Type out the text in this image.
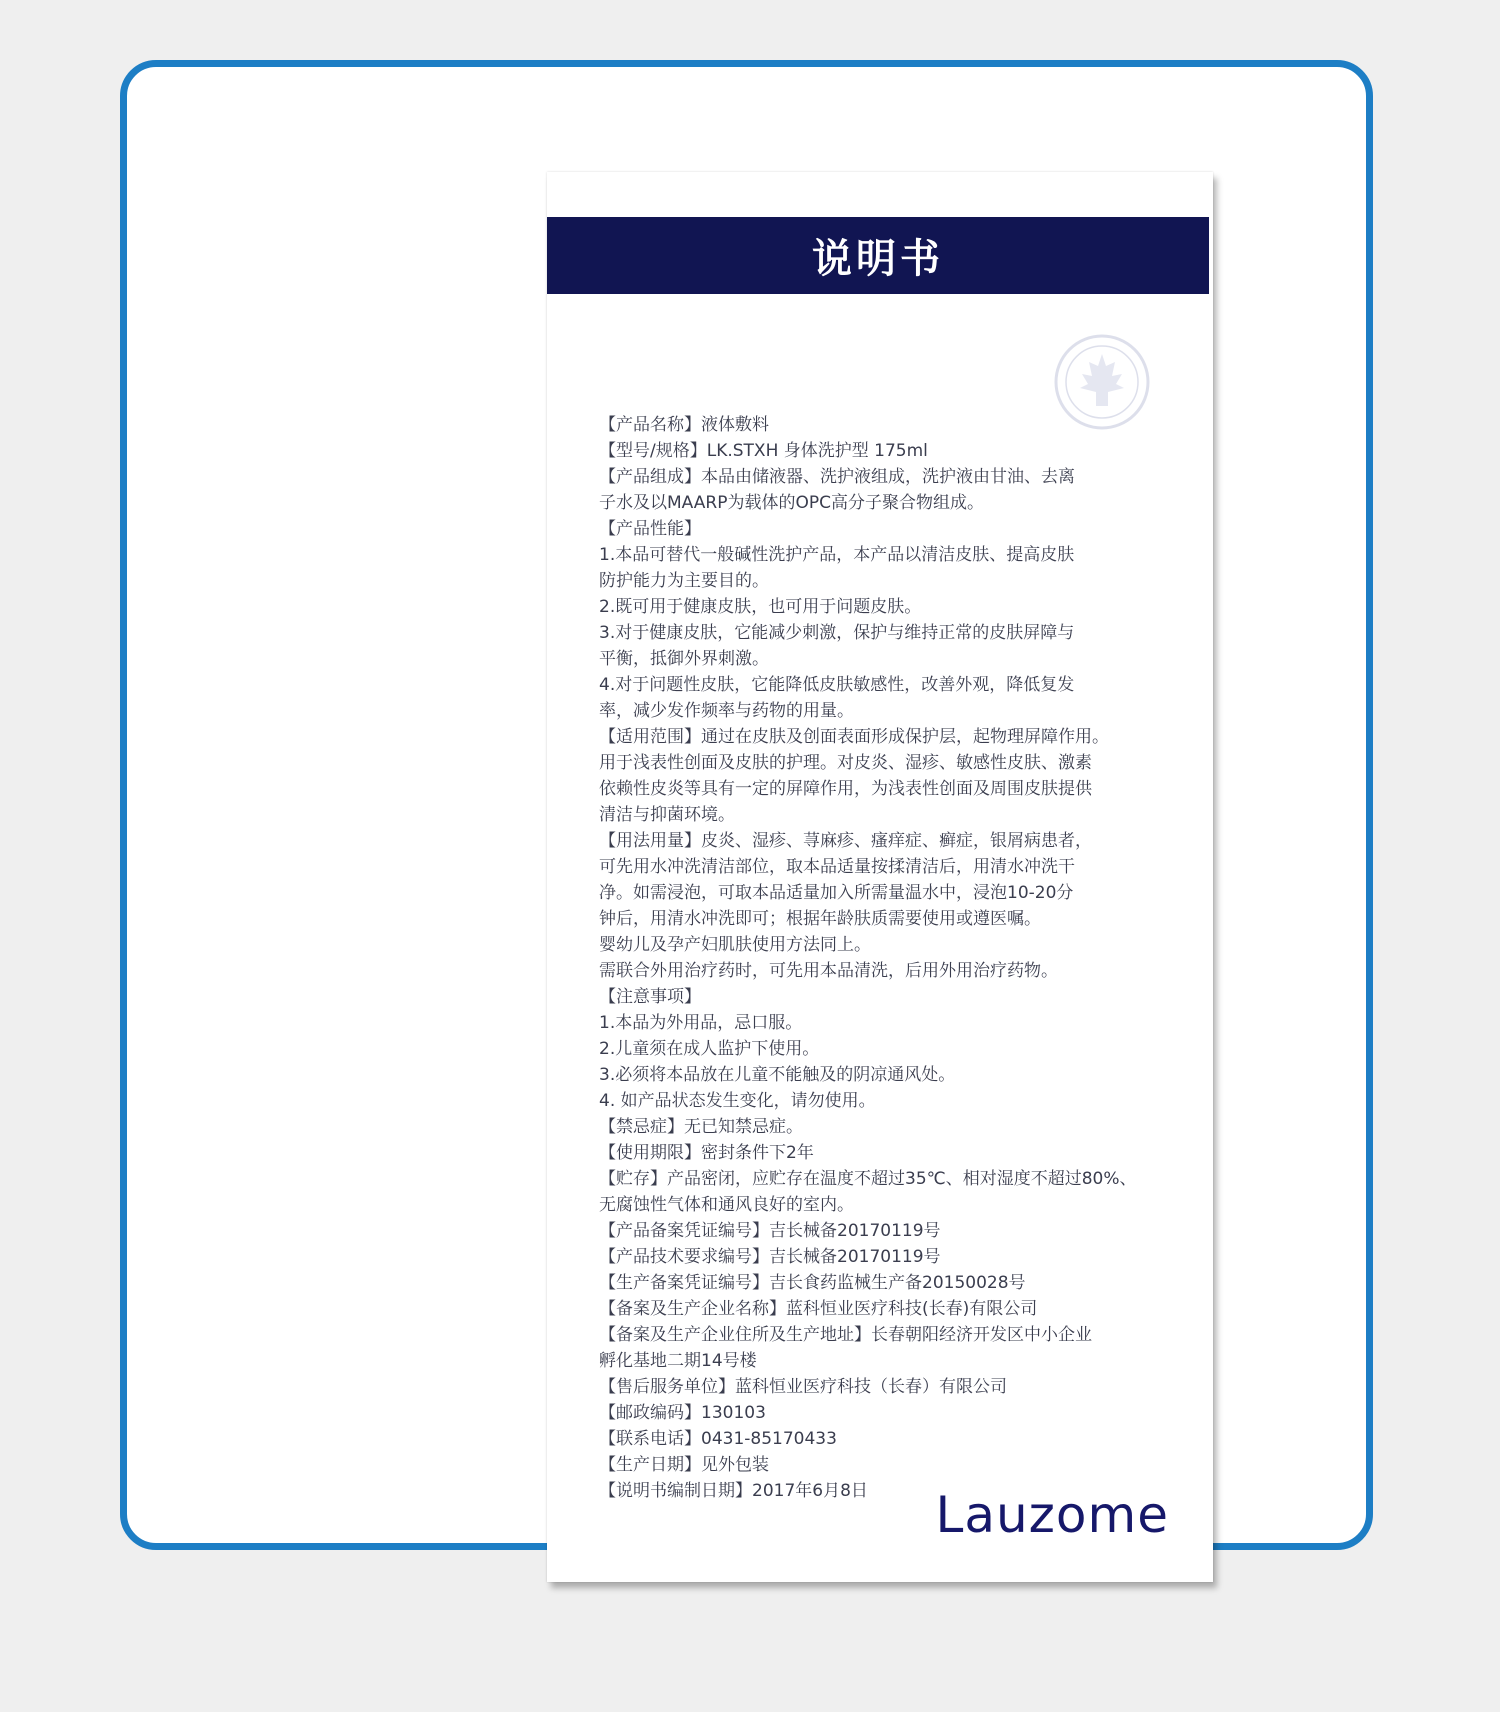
说明书
【产品名称】液体敷料
【型号/规格】LK.STXH 身体洗护型 175ml
【产品组成】本品由储液器、洗护液组成，洗护液由甘油、去离
子水及以MAARP为载体的OPC高分子聚合物组成。
【产品性能】
1.本品可替代一般碱性洗护产品，本产品以清洁皮肤、提高皮肤
防护能力为主要目的。
2.既可用于健康皮肤，也可用于问题皮肤。
3.对于健康皮肤，它能减少刺激，保护与维持正常的皮肤屏障与
平衡，抵御外界刺激。
4.对于问题性皮肤，它能降低皮肤敏感性，改善外观，降低复发
率，减少发作频率与药物的用量。
【适用范围】通过在皮肤及创面表面形成保护层，起物理屏障作用。
用于浅表性创面及皮肤的护理。对皮炎、湿疹、敏感性皮肤、激素
依赖性皮炎等具有一定的屏障作用，为浅表性创面及周围皮肤提供
清洁与抑菌环境。
【用法用量】皮炎、湿疹、荨麻疹、瘙痒症、癣症，银屑病患者，
可先用水冲洗清洁部位，取本品适量按揉清洁后，用清水冲洗干
净。如需浸泡，可取本品适量加入所需量温水中，浸泡10-20分
钟后，用清水冲洗即可；根据年龄肤质需要使用或遵医嘱。
婴幼儿及孕产妇肌肤使用方法同上。
需联合外用治疗药时，可先用本品清洗，后用外用治疗药物。
【注意事项】
1.本品为外用品，忌口服。
2.儿童须在成人监护下使用。
3.必须将本品放在儿童不能触及的阴凉通风处。
4. 如产品状态发生变化，请勿使用。
【禁忌症】无已知禁忌症。
【使用期限】密封条件下2年
【贮存】产品密闭，应贮存在温度不超过35℃、相对湿度不超过80%、
无腐蚀性气体和通风良好的室内。
【产品备案凭证编号】吉长械备20170119号
【产品技术要求编号】吉长械备20170119号
【生产备案凭证编号】吉长食药监械生产备20150028号
【备案及生产企业名称】蓝科恒业医疗科技(长春)有限公司
【备案及生产企业住所及生产地址】长春朝阳经济开发区中小企业
孵化基地二期14号楼
【售后服务单位】蓝科恒业医疗科技（长春）有限公司
【邮政编码】130103
【联系电话】0431-85170433
【生产日期】见外包装
【说明书编制日期】2017年6月8日	Lauzome
